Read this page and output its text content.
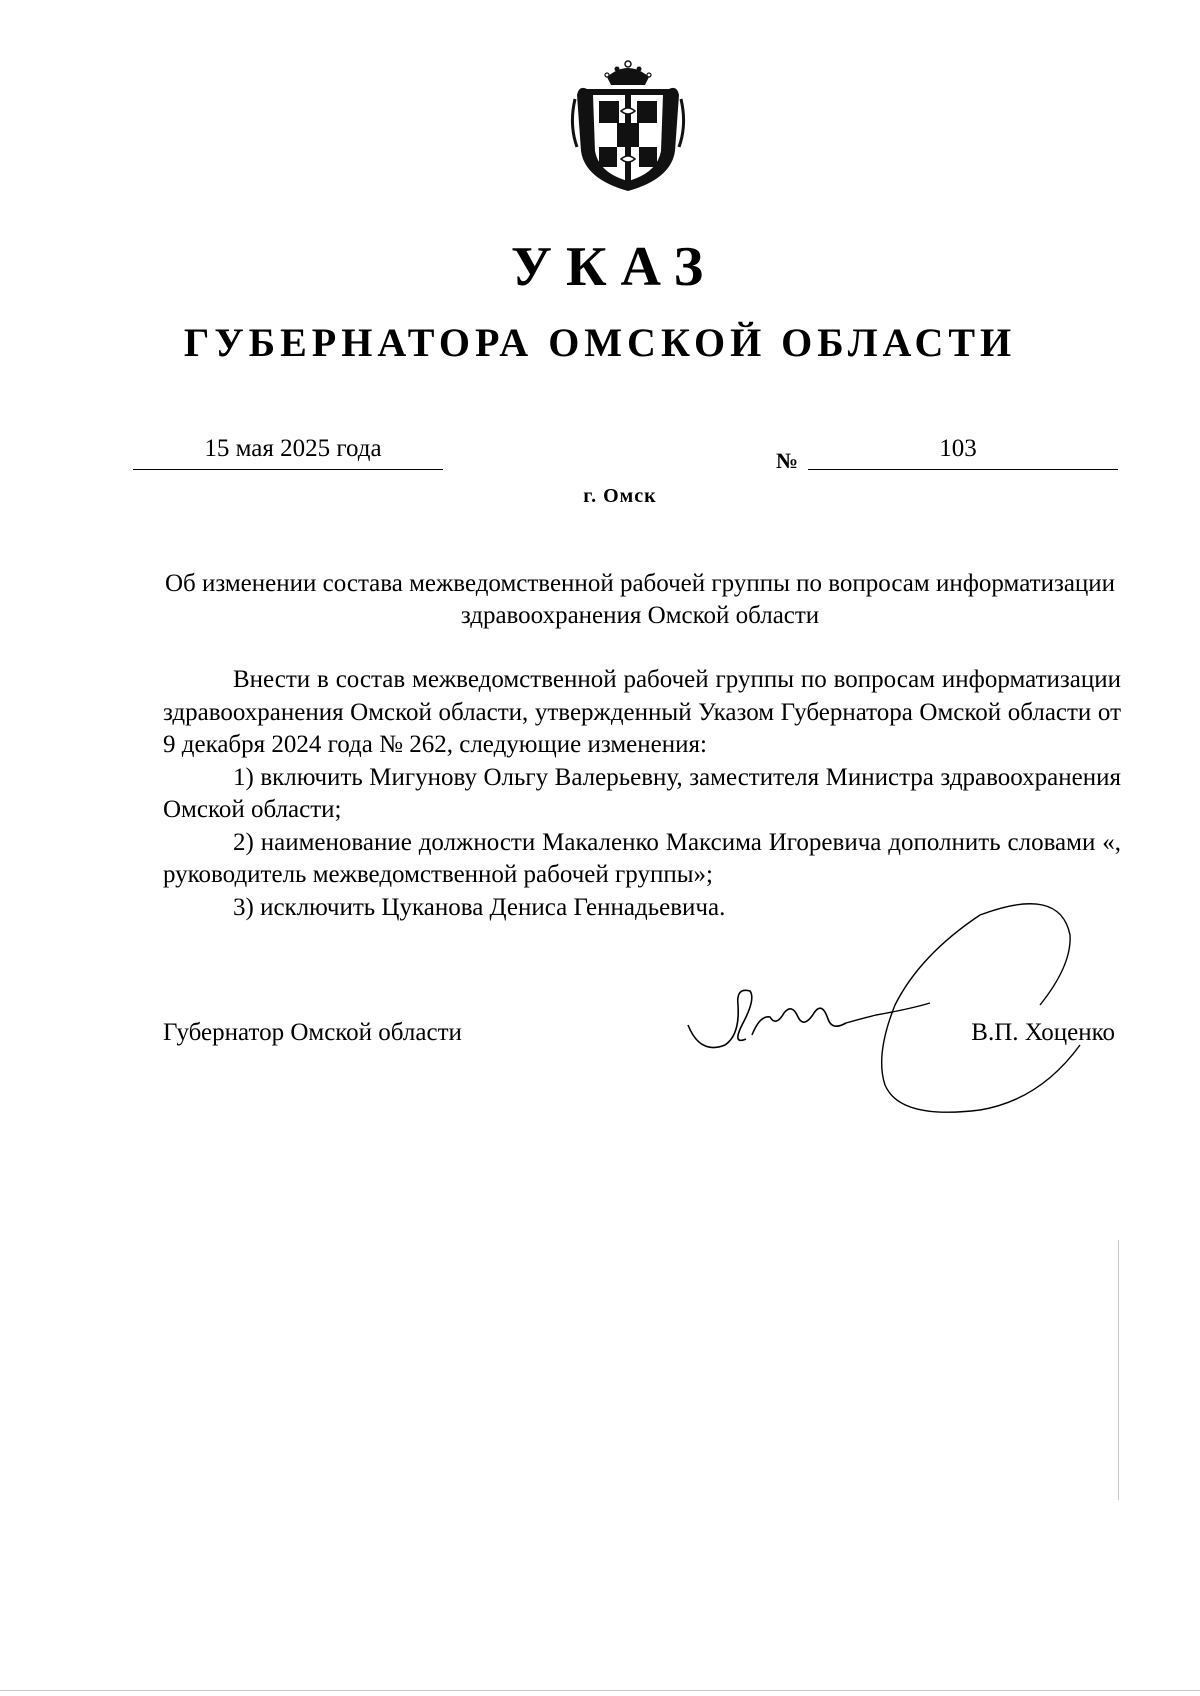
УКАЗ
ГУБЕРНАТОРА ОМСКОЙ ОБЛАСТИ
15 мая 2025 года	№	103
г. Омск

Об изменении состава межведомственной рабочей группы по вопросам информатизации здравоохранения Омской области

Внести в состав межведомственной рабочей группы по вопросам информатизации здравоохранения Омской области, утвержденный Указом Губернатора Омской области от 9 декабря 2024 года № 262, следующие изменения:

1) включить Мигунову Ольгу Валерьевну, заместителя Министра здравоохранения Омской области;

2) наименование должности Макаленко Максима Игоревича дополнить словами «, руководитель межведомственной рабочей группы»;

3) исключить Цуканова Дениса Геннадьевича.

Губернатор Омской области	В.П. Хоценко
